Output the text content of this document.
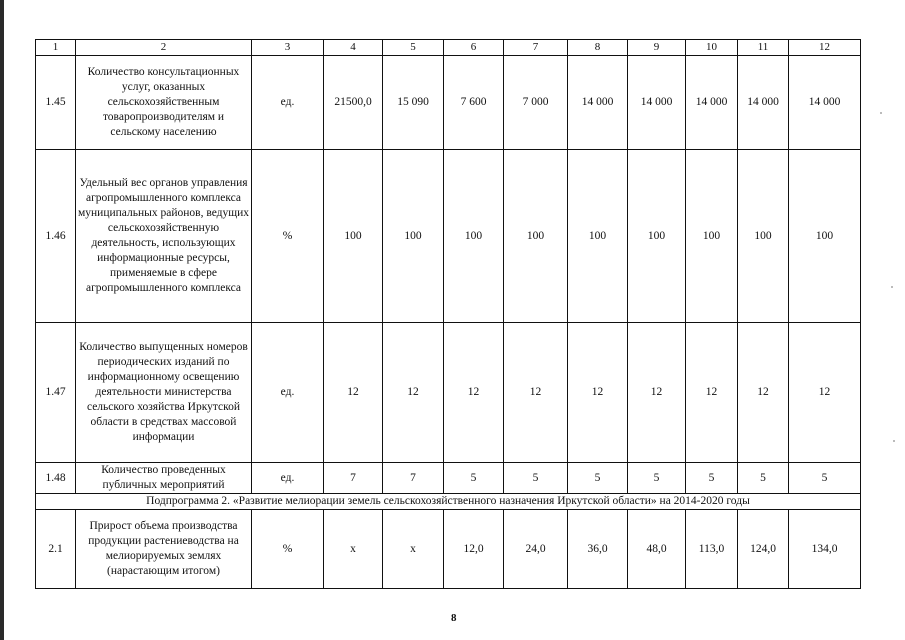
1	2	3	4	5	6	7	8	9	10	11	12
1.45	Количество консультационных услуг, оказанных сельскохозяйственным товаропроизводителям и сельскому населению	ед.	21500,0	15 090	7 600	7 000	14 000	14 000	14 000	14 000	14 000
1.46	Удельный вес органов управления агропромышленного комплекса муниципальных районов, ведущих сельскохозяйственную деятельность, использующих информационные ресурсы, применяемые в сфере агропромышленного комплекса	%	100	100	100	100	100	100	100	100	100
1.47	Количество выпущенных номеров периодических изданий по информационному освещению деятельности министерства сельского хозяйства Иркутской области в средствах массовой информации	ед.	12	12	12	12	12	12	12	12	12
1.48	Количество проведенных публичных мероприятий	ед.	7	7	5	5	5	5	5	5	5
Подпрограмма 2. «Развитие мелиорации земель сельскохозяйственного назначения Иркутской области» на 2014-2020 годы											
2.1	Прирост объема производства продукции растениеводства на мелиорируемых землях (нарастающим итогом)	%	х	х	12,0	24,0	36,0	48,0	113,0	124,0	134,0
8
